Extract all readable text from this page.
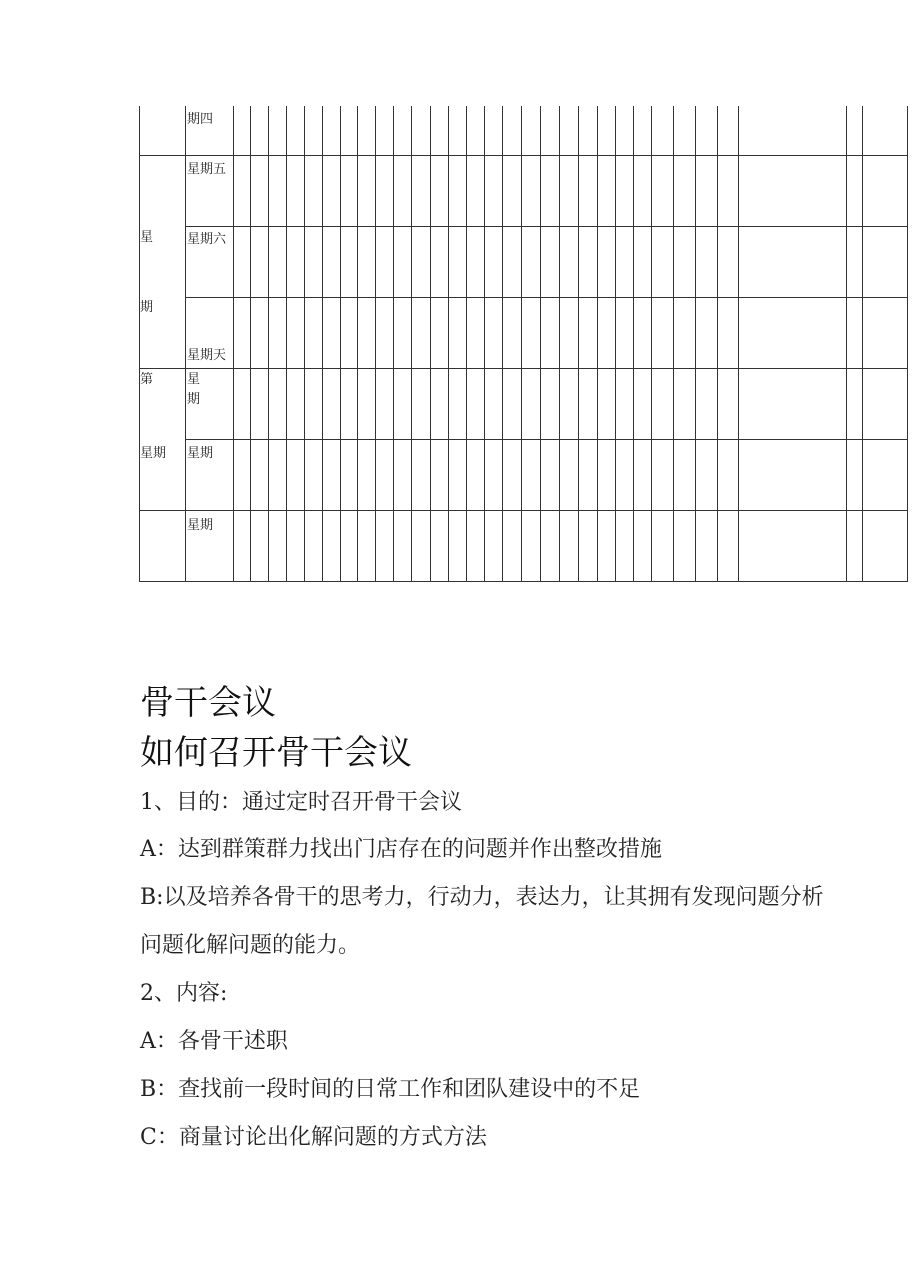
星
期
第
星期
期四
星期五
星期六
星期天
星期
星期
星期
骨干会议
如何召开骨干会议
1、目的：通过定时召开骨干会议
A：达到群策群力找出门店存在的问题并作出整改措施
B:以及培养各骨干的思考力，行动力，表达力，让其拥有发现问题分析
问题化解问题的能力。
2、内容:
A：各骨干述职
B：查找前一段时间的日常工作和团队建设中的不足
C：商量讨论出化解问题的方式方法
